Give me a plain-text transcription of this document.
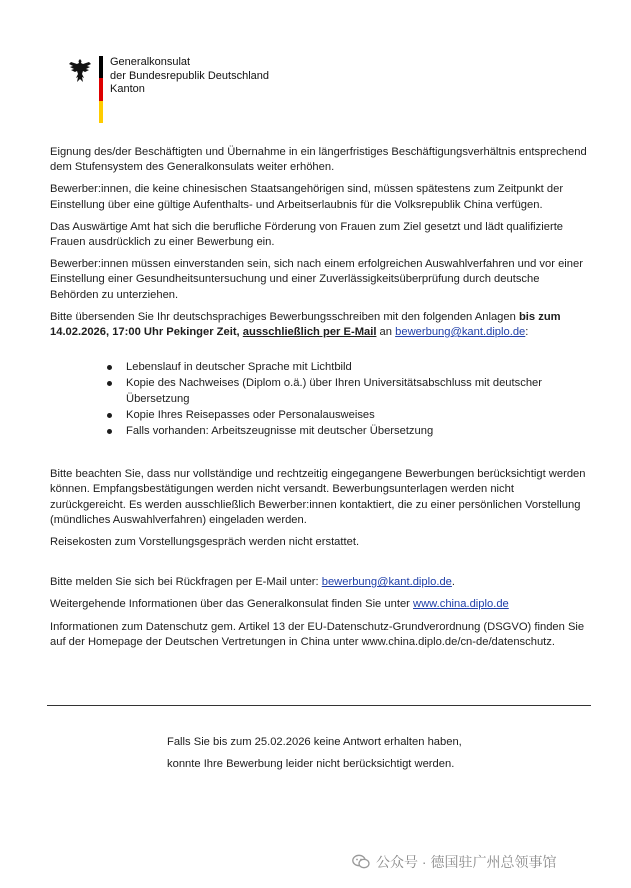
Generalkonsulat
der Bundesrepublik Deutschland
Kanton

Eignung des/der Beschäftigten und Übernahme in ein längerfristiges Beschäftigungsverhältnis entsprechend dem Stufensystem des Generalkonsulats weiter erhöhen.

Bewerber:innen, die keine chinesischen Staatsangehörigen sind, müssen spätestens zum Zeitpunkt der Einstellung über eine gültige Aufenthalts- und Arbeitserlaubnis für die Volksrepublik China verfügen.

Das Auswärtige Amt hat sich die berufliche Förderung von Frauen zum Ziel gesetzt und lädt qualifizierte Frauen ausdrücklich zu einer Bewerbung ein.

Bewerber:innen müssen einverstanden sein, sich nach einem erfolgreichen Auswahlverfahren und vor einer Einstellung einer Gesundheitsuntersuchung und einer Zuverlässigkeitsüberprüfung durch deutsche Behörden zu unterziehen.

Bitte übersenden Sie Ihr deutschsprachiges Bewerbungsschreiben mit den folgenden Anlagen bis zum 14.02.2026, 17:00 Uhr Pekinger Zeit, ausschließlich per E-Mail an bewerbung@kant.diplo.de:

Lebenslauf in deutscher Sprache mit Lichtbild
Kopie des Nachweises (Diplom o.ä.) über Ihren Universitätsabschluss mit deutscher Übersetzung
Kopie Ihres Reisepasses oder Personalausweises
Falls vorhanden: Arbeitszeugnisse mit deutscher Übersetzung

Bitte beachten Sie, dass nur vollständige und rechtzeitig eingegangene Bewerbungen berücksichtigt werden können. Empfangsbestätigungen werden nicht versandt. Bewerbungsunterlagen werden nicht zurückgereicht. Es werden ausschließlich Bewerber:innen kontaktiert, die zu einer persönlichen Vorstellung (mündliches Auswahlverfahren) eingeladen werden.

Reisekosten zum Vorstellungsgespräch werden nicht erstattet.

Bitte melden Sie sich bei Rückfragen per E-Mail unter: bewerbung@kant.diplo.de.

Weitergehende Informationen über das Generalkonsulat finden Sie unter www.china.diplo.de

Informationen zum Datenschutz gem. Artikel 13 der EU-Datenschutz-Grundverordnung (DSGVO) finden Sie auf der Homepage der Deutschen Vertretungen in China unter www.china.diplo.de/cn-de/datenschutz.

Falls Sie bis zum 25.02.2026 keine Antwort erhalten haben,
konnte Ihre Bewerbung leider nicht berücksichtigt werden.
公众号 · 德国驻广州总领事馆
